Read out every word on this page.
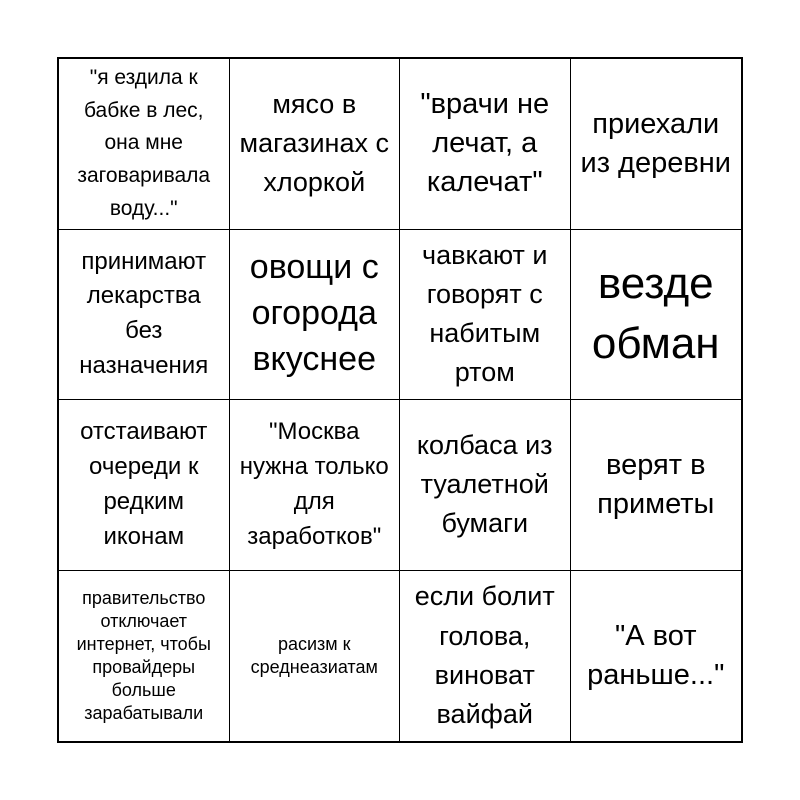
"я ездила к бабке в лес, она мне заговаривала воду..."
мясо в магазинах с хлоркой
"врачи не лечат, а калечат"
приехали из деревни
принимают лекарства без назначения
овощи с огорода вкуснее
чавкают и говорят с набитым ртом
везде обман
отстаивают очереди к редким иконам
"Москва нужна только для заработков"
колбаса из туалетной бумаги
верят в приметы
правительство отключает интернет, чтобы провайдеры больше зарабатывали
расизм к среднеазиатам
если болит голова, виноват вайфай
"А вот раньше..."
